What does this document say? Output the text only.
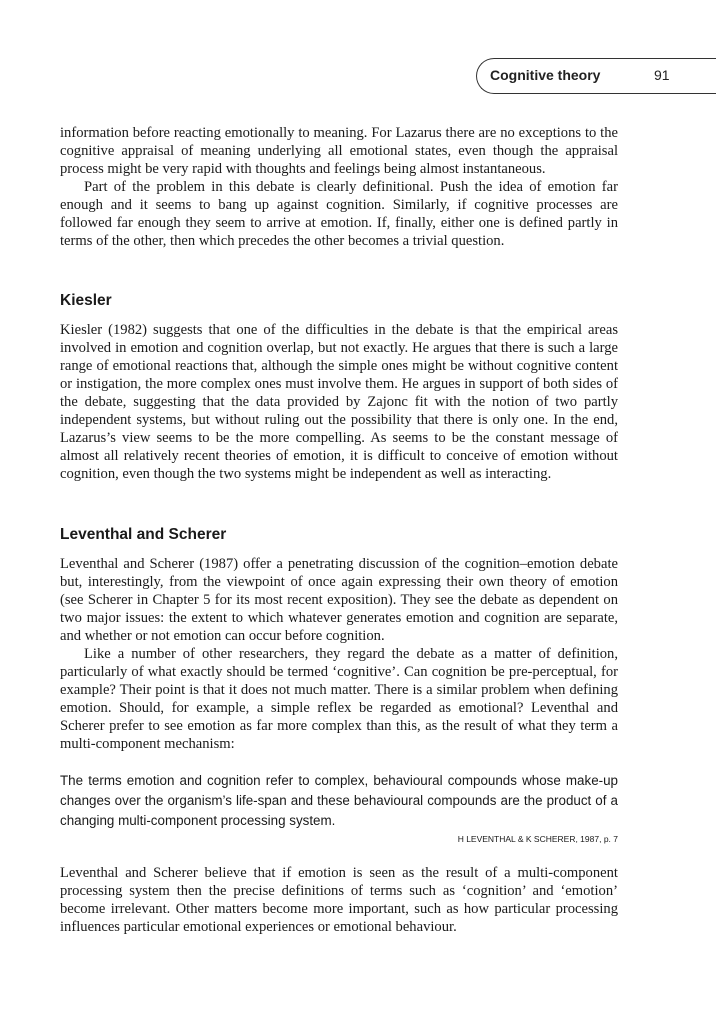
Cognitive theory	91

information before reacting emotionally to meaning. For Lazarus there are no exceptions to the cognitive appraisal of meaning underlying all emotional states, even though the appraisal process might be very rapid with thoughts and feelings being almost instantaneous.

Part of the problem in this debate is clearly definitional. Push the idea of emotion far enough and it seems to bang up against cognition. Similarly, if cognitive processes are followed far enough they seem to arrive at emotion. If, finally, either one is defined partly in terms of the other, then which precedes the other becomes a trivial question.

Kiesler

Kiesler (1982) suggests that one of the difficulties in the debate is that the empirical areas involved in emotion and cognition overlap, but not exactly. He argues that there is such a large range of emotional reactions that, although the simple ones might be without cognitive content or instigation, the more complex ones must involve them. He argues in support of both sides of the debate, suggesting that the data provided by Zajonc fit with the notion of two partly independent systems, but without ruling out the possibility that there is only one. In the end, Lazarus’s view seems to be the more compelling. As seems to be the constant message of almost all relatively recent theories of emotion, it is difficult to conceive of emotion without cognition, even though the two systems might be independent as well as interacting.

Leventhal and Scherer

Leventhal and Scherer (1987) offer a penetrating discussion of the cognition–emotion debate but, interestingly, from the viewpoint of once again expressing their own theory of emotion (see Scherer in Chapter 5 for its most recent exposition). They see the debate as dependent on two major issues: the extent to which whatever generates emotion and cognition are separate, and whether or not emotion can occur before cognition.

Like a number of other researchers, they regard the debate as a matter of definition, particularly of what exactly should be termed ‘cognitive’. Can cognition be pre-perceptual, for example? Their point is that it does not much matter. There is a similar problem when defining emotion. Should, for example, a simple reflex be regarded as emotional? Leventhal and Scherer prefer to see emotion as far more complex than this, as the result of what they term a multi-component mechanism:

The terms emotion and cognition refer to complex, behavioural compounds whose make-up changes over the organism’s life-span and these behavioural compounds are the product of a changing multi-component processing system.
H LEVENTHAL & K SCHERER, 1987, p. 7

Leventhal and Scherer believe that if emotion is seen as the result of a multi-component processing system then the precise definitions of terms such as ‘cognition’ and ‘emotion’ become irrelevant. Other matters become more important, such as how particular processing influences particular emotional experiences or emotional behaviour.
